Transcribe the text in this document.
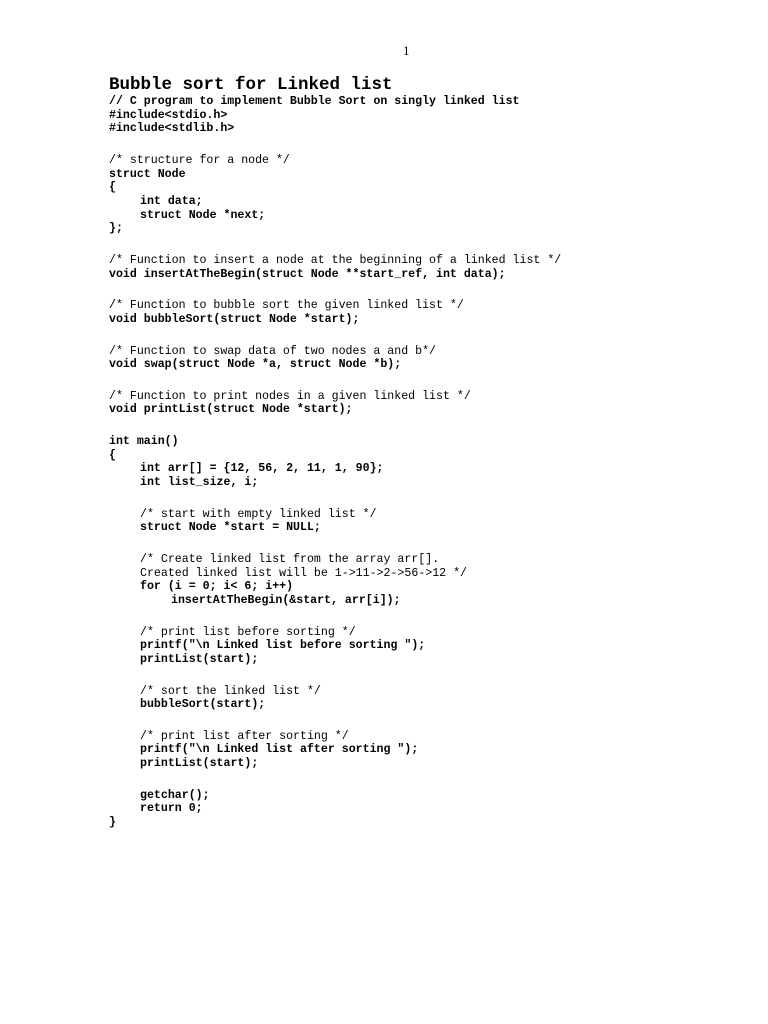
1
Bubble sort for Linked list
// C program to implement Bubble Sort on singly linked list
#include<stdio.h>
#include<stdlib.h>
/* structure for a node */
struct Node
{
int data;
struct Node *next;
};
/* Function to insert a node at the beginning of a linked list */
void insertAtTheBegin(struct Node **start_ref, int data);
/* Function to bubble sort the given linked list */
void bubbleSort(struct Node *start);
/* Function to swap data of two nodes a and b*/
void swap(struct Node *a, struct Node *b);
/* Function to print nodes in a given linked list */
void printList(struct Node *start);
int main()
{
int arr[] = {12, 56, 2, 11, 1, 90};
int list_size, i;
/* start with empty linked list */
struct Node *start = NULL;
/* Create linked list from the array arr[].
Created linked list will be 1->11->2->56->12 */
for (i = 0; i< 6; i++)
insertAtTheBegin(&start, arr[i]);
/* print list before sorting */
printf("\n Linked list before sorting ");
printList(start);
/* sort the linked list */
bubbleSort(start);
/* print list after sorting */
printf("\n Linked list after sorting ");
printList(start);
getchar();
return 0;
}
